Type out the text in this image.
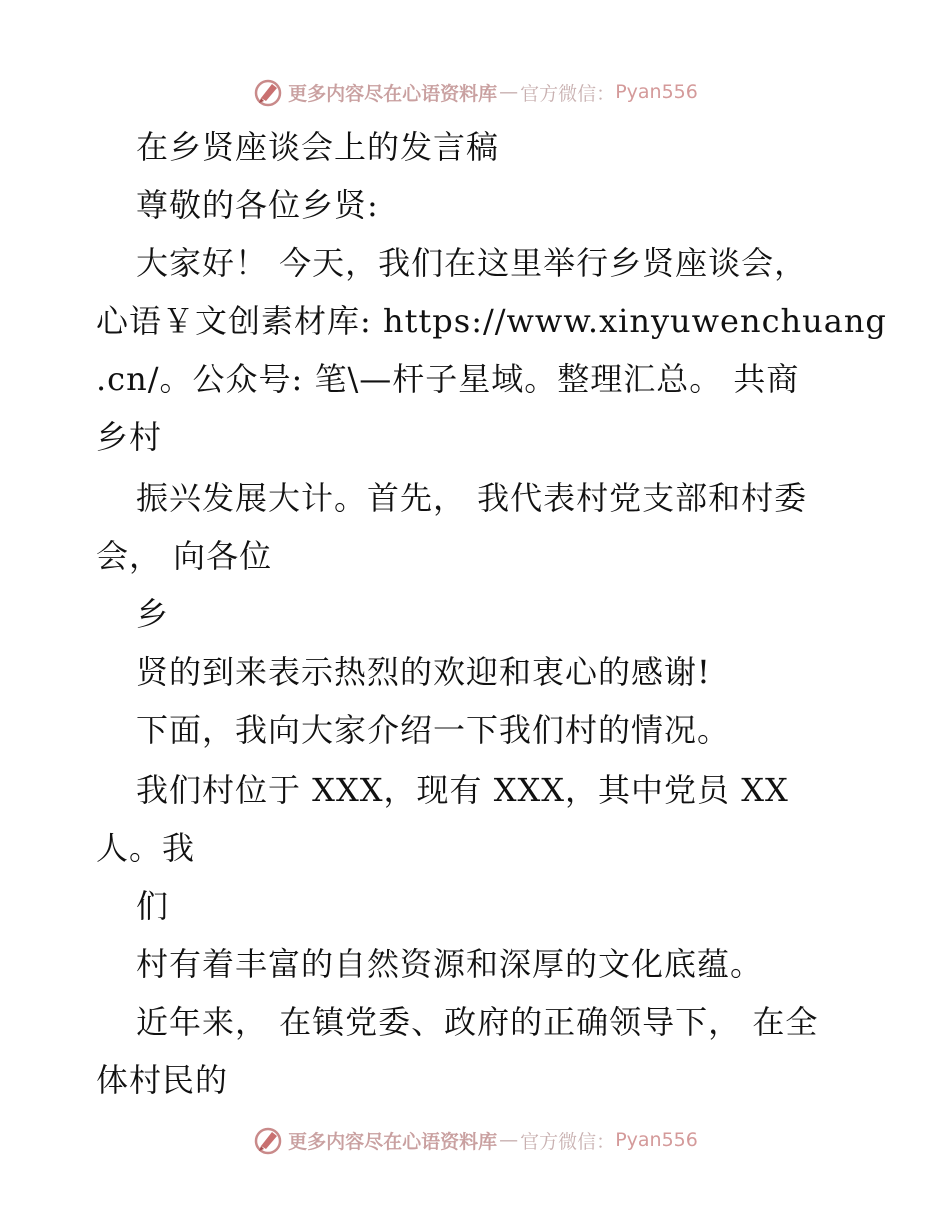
更多内容尽在心语资料库 — 官方微信： Pyan556
在乡贤座谈会上的发言稿
尊敬的各位乡贤:
大家好！ 今天，我们在这里举行乡贤座谈会，
心语￥文创素材库: https://www.xinyuwenchuang
.cn/。公众号: 笔\—杆子星域。整理汇总。 共商
乡村
振兴发展大计。首先， 我代表村党支部和村委
会， 向各位
乡
贤的到来表示热烈的欢迎和衷心的感谢!
下面，我向大家介绍一下我们村的情况。
我们村位于 XXX，现有 XXX，其中党员 XX
人。我
们
村有着丰富的自然资源和深厚的文化底蕴。
近年来， 在镇党委、政府的正确领导下， 在全
体村民的
更多内容尽在心语资料库 — 官方微信： Pyan556
